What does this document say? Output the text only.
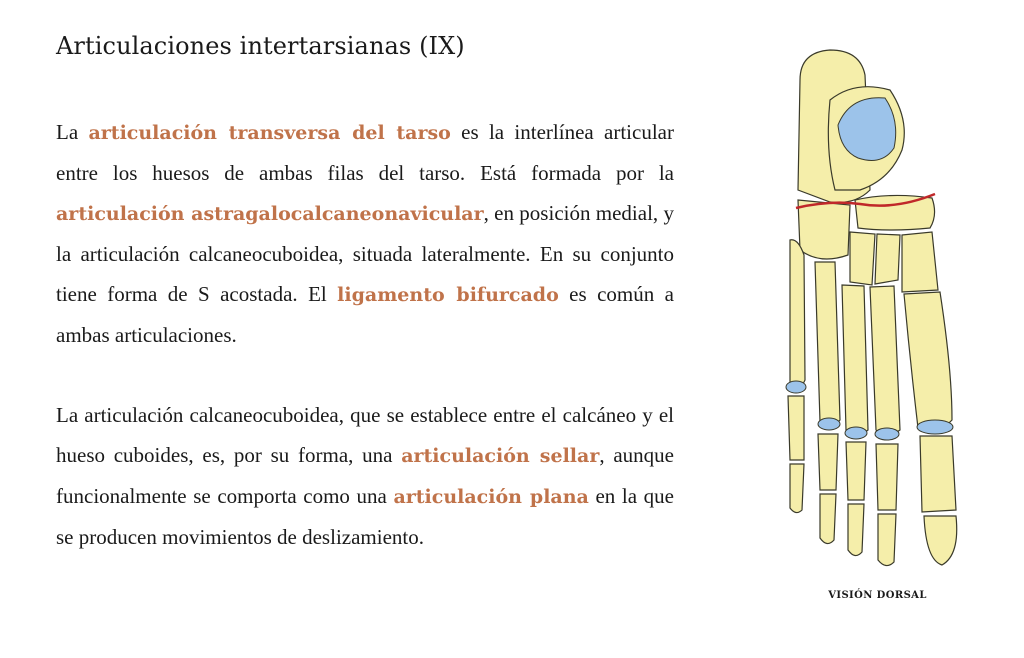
Articulaciones intertarsianas (IX)

La articulación transversa del tarso es la interlínea articular entre los huesos de ambas filas del tarso. Está formada por la articulación astragalocalcaneonavicular, en posición medial, y la articulación calcaneocuboidea, situada lateralmente. En su conjunto tiene forma de S acostada. El ligamento bifurcado es común a ambas articulaciones.

La articulación calcaneocuboidea, que se establece entre el calcáneo y el hueso cuboides, es, por su forma, una articulación sellar, aunque funcionalmente se comporta como una articulación plana en la que se producen movimientos de deslizamiento.

VISIÓN DORSAL
